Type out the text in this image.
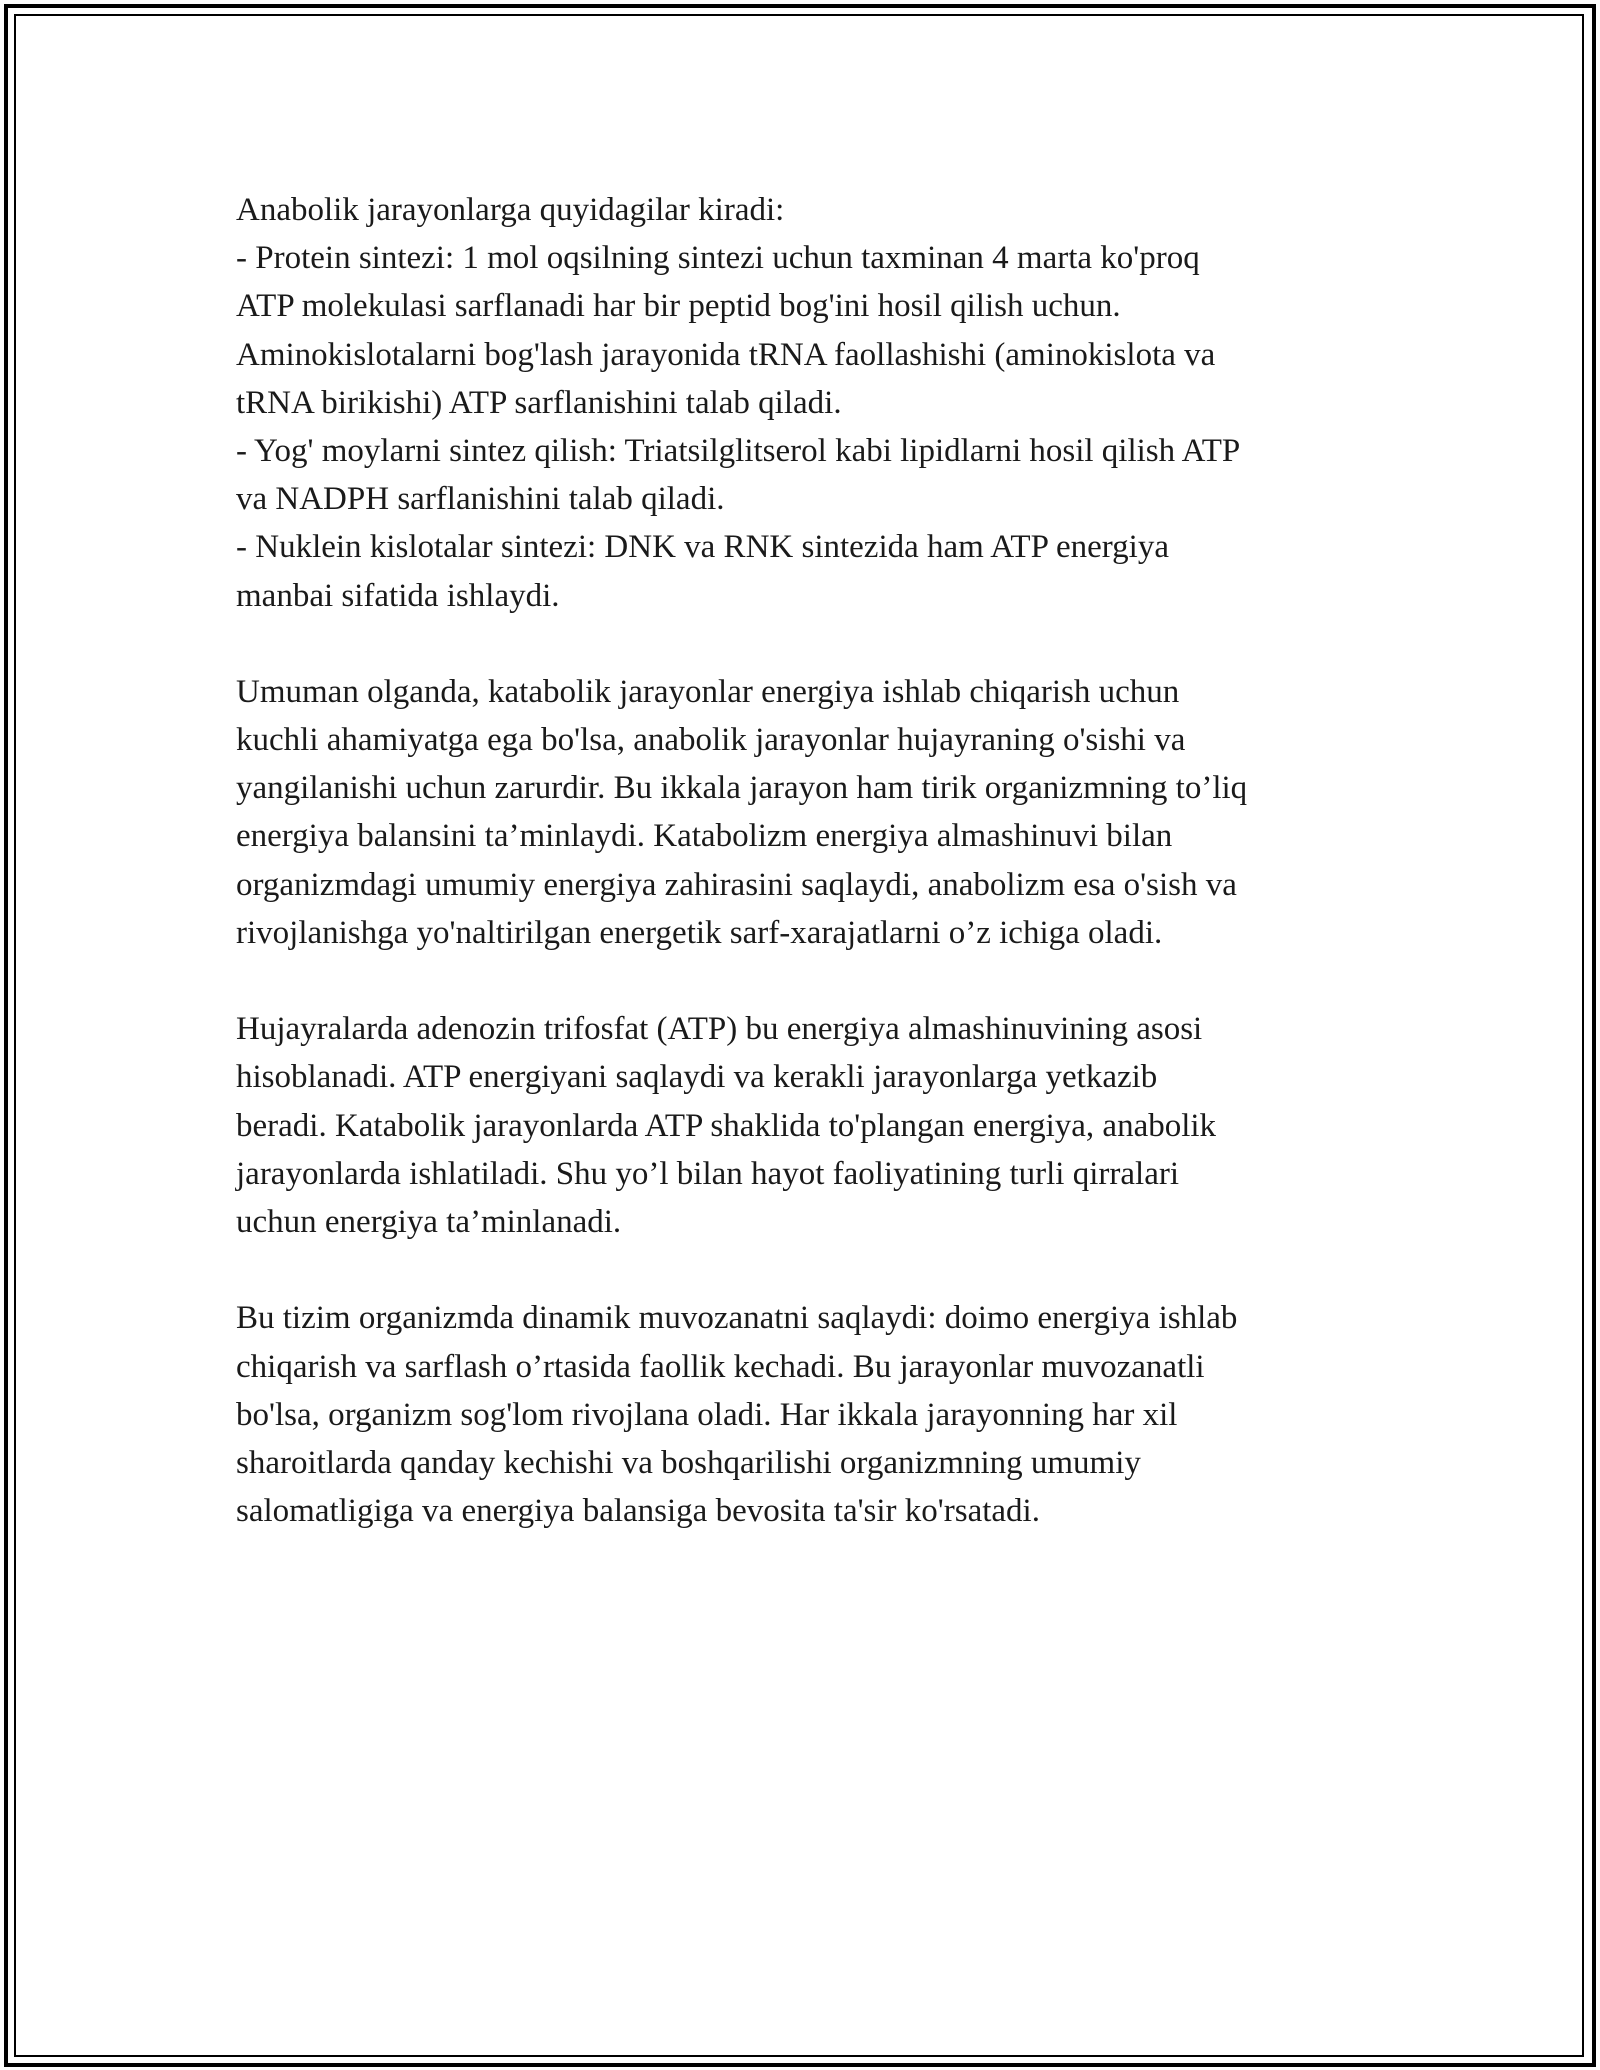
Anabolik jarayonlarga quyidagilar kiradi:
- Protein sintezi: 1 mol oqsilning sintezi uchun taxminan 4 marta ko'proq
ATP molekulasi sarflanadi har bir peptid bog'ini hosil qilish uchun.
Aminokislotalarni bog'lash jarayonida tRNA faollashishi (aminokislota va
tRNA birikishi) ATP sarflanishini talab qiladi.
- Yog' moylarni sintez qilish: Triatsilglitserol kabi lipidlarni hosil qilish ATP
va NADPH sarflanishini talab qiladi.
- Nuklein kislotalar sintezi: DNK va RNK sintezida ham ATP energiya
manbai sifatida ishlaydi.
Umuman olganda, katabolik jarayonlar energiya ishlab chiqarish uchun
kuchli ahamiyatga ega bo'lsa, anabolik jarayonlar hujayraning o'sishi va
yangilanishi uchun zarurdir. Bu ikkala jarayon ham tirik organizmning to’liq
energiya balansini ta’minlaydi. Katabolizm energiya almashinuvi bilan
organizmdagi umumiy energiya zahirasini saqlaydi, anabolizm esa o'sish va
rivojlanishga yo'naltirilgan energetik sarf-xarajatlarni o’z ichiga oladi.
Hujayralarda adenozin trifosfat (ATP) bu energiya almashinuvining asosi
hisoblanadi. ATP energiyani saqlaydi va kerakli jarayonlarga yetkazib
beradi. Katabolik jarayonlarda ATP shaklida to'plangan energiya, anabolik
jarayonlarda ishlatiladi. Shu yo’l bilan hayot faoliyatining turli qirralari
uchun energiya ta’minlanadi.
Bu tizim organizmda dinamik muvozanatni saqlaydi: doimo energiya ishlab
chiqarish va sarflash o’rtasida faollik kechadi. Bu jarayonlar muvozanatli
bo'lsa, organizm sog'lom rivojlana oladi. Har ikkala jarayonning har xil
sharoitlarda qanday kechishi va boshqarilishi organizmning umumiy
salomatligiga va energiya balansiga bevosita ta'sir ko'rsatadi.
